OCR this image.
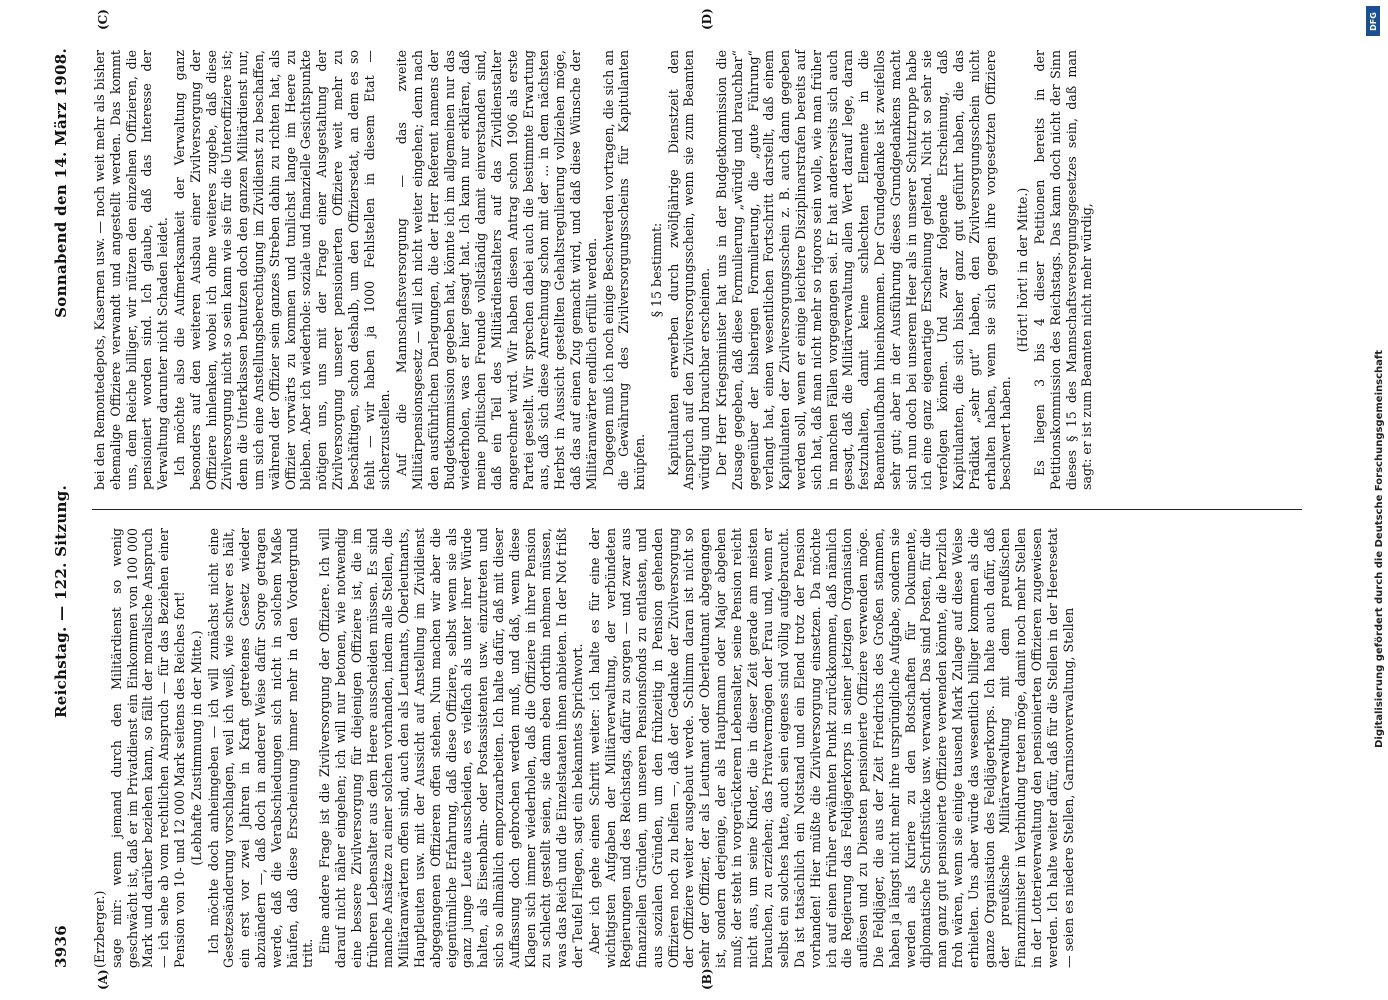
3936
Reichstag. — 122. Sitzung.
Sonnabend den 14. März 1908.
(A)	(B)
(C)	(D)

(Erzberger.) sage mir: wenn jemand durch den Militärdienst so wenig geschwächt ist, daß er im Privatdienst ein Einkommen von 100 000 Mark und darüber beziehen kann, so fällt der moralische Anspruch — ich sehe ab vom rechtlichen Anspruch — für das Beziehen einer Pension von 10- und 12 000 Mark seitens des Reiches fort! (Lebhafte Zustimmung in der Mitte.) Ich möchte doch anheimgeben — ich will zunächst nicht eine Gesetzesänderung vorschlagen, weil ich weiß, wie schwer es hält, ein erst vor zwei Jahren in Kraft getretenes Gesetz wieder abzuändern —, daß doch in anderer Weise dafür Sorge getragen werde, daß die Verabschiedungen sich nicht in solchem Maße häufen, daß diese Erscheinung immer mehr in den Vordergrund tritt. Eine andere Frage ist die Zivilversorgung der Offiziere. Ich will darauf nicht näher eingehen; ich will nur betonen, wie notwendig eine bessere Zivilversorgung für diejenigen Offiziere ist, die im früheren Lebensalter aus dem Heere ausscheiden müssen. Es sind manche Ansätze zu einer solchen vorhanden, indem alle Stellen, die Militäranwärtern offen sind, auch den als Leutnants, Oberleutnants, Hauptleuten usw. mit der Aussicht auf Anstellung im Zivildienst abgegangenen Offizieren offen stehen. Nun machen wir aber die eigentümliche Erfahrung, daß diese Offiziere, selbst wenn sie als ganz junge Leute ausscheiden, es vielfach als unter ihrer Würde halten, als Eisenbahn- oder Postassistenten usw. einzutreten und sich so allmählich emporzuarbeiten. Ich halte dafür, daß mit dieser Auffassung doch gebrochen werden muß, und daß, wenn diese Klagen sich immer wiederholen, daß die Offiziere in ihrer Pension zu schlecht gestellt seien, sie dann eben dorthin nehmen müssen, was das Reich und die Einzelstaaten ihnen anbieten. In der Not frißt der Teufel Fliegen, sagt ein bekanntes Sprichwort. Aber ich gehe einen Schritt weiter: ich halte es für eine der wichtigsten Aufgaben der Militärverwaltung, der verbündeten Regierungen und des Reichstags, dafür zu sorgen — und zwar aus finanziellen Gründen, um unseren Pensionsfonds zu entlasten, und aus sozialen Gründen, um den frühzeitig in Pension gehenden Offizieren noch zu helfen —, daß der Gedanke der Zivilversorgung der Offiziere weiter ausgebaut werde. Schlimm daran ist nicht so sehr der Offizier, der als Leutnant oder Oberleutnant abgegangen ist, sondern derjenige, der als Hauptmann oder Major abgehen muß; der steht in vorgerückterem Lebensalter, seine Pension reicht nicht aus, um seine Kinder, die in dieser Zeit gerade am meisten brauchen, zu erziehen; das Privatvermögen der Frau und, wenn er selbst ein solches hatte, auch sein eigenes sind völlig aufgebraucht. Da ist tatsächlich ein Notstand und ein Elend trotz der Pension vorhanden! Hier müßte die Zivilversorgung einsetzen. Da möchte ich auf einen früher erwähnten Punkt zurückkommen, daß nämlich die Regierung das Feldjägerkorps in seiner jetzigen Organisation auflösen und zu Diensten pensionierte Offiziere verwenden möge. Die Feldjäger, die aus der Zeit Friedrichs des Großen stammen, haben ja längst nicht mehr ihre ursprüngliche Aufgabe, sondern sie werden als Kuriere zu den Botschaften für Dokumente, diplomatische Schriftstücke usw. verwandt. Das sind Posten, für die man ganz gut pensionierte Offiziere verwenden könnte, die herzlich froh wären, wenn sie einige tausend Mark Zulage auf diese Weise erhielten. Uns aber würde das wesentlich billiger kommen als die ganze Organisation des Feldjägerkorps. Ich halte auch dafür, daß der preußische Militärverwaltung mit dem preußischen Finanzminister in Verbindung treten möge, damit noch mehr Stellen in der Lotterieverwaltung den pensionierten Offizieren zugewiesen werden. Ich halte weiter dafür, daß für die Stellen in der Heeresetat — seien es niedere Stellen, Garnisonverwaltung, Stellen

bei den Remontedepots, Kasernen usw. — noch weit mehr als bisher ehemalige Offiziere verwandt und angestellt werden. Das kommt uns, dem Reiche billiger, wir nützen den einzelnen Offizieren, die pensioniert worden sind. Ich glaube, daß das Interesse der Verwaltung darunter nicht Schaden leidet. Ich möchte also die Aufmerksamkeit der Verwaltung ganz besonders auf den weiteren Ausbau einer Zivilversorgung der Offiziere hinlenken, wobei ich ohne weiteres zugebe, daß diese Zivilversorgung nicht so sein kann wie sie für die Unteroffiziere ist; denn die Unterklassen benutzen doch den ganzen Militärdienst nur, um sich eine Anstellungsberechtigung im Zivildienst zu beschaffen, während der Offizier sein ganzes Streben dahin zu richten hat, als Offizier vorwärts zu kommen und tunlichst lange im Heere zu bleiben. Aber ich wiederhole: soziale und finanzielle Gesichtspunkte nötigen uns, uns mit der Frage einer Ausgestaltung der Zivilversorgung unserer pensionierten Offiziere weit mehr zu beschäftigen, schon deshalb, um den Offiziersetat, an dem es so fehlt — wir haben ja 1000 Fehlstellen in diesem Etat — sicherzustellen. Auf die Mannschaftsversorgung — das zweite Militärpensionsgesetz — will ich nicht weiter eingehen; denn nach den ausführlichen Darlegungen, die der Herr Referent namens der Budgetkommission gegeben hat, könnte ich im allgemeinen nur das wiederholen, was er hier gesagt hat. Ich kann nur erklären, daß meine politischen Freunde vollständig damit einverstanden sind, daß ein Teil des Militärdienstalters auf das Zivildienstalter angerechnet wird. Wir haben diesen Antrag schon 1906 als erste Partei gestellt. Wir sprechen dabei auch die bestimmte Erwartung aus, daß sich diese Anrechnung schon mit der ... in dem nächsten Herbst in Aussicht gestellten Gehaltsregulierung vollziehen möge, daß das auf einen Zug gemacht wird, und daß diese Wünsche der Militäranwärter endlich erfüllt werden. Dagegen muß ich noch einige Beschwerden vortragen, die sich an die Gewährung des Zivilversorgungsscheins für Kapitulanten knüpfen.

§ 15 bestimmt: Kapitulanten erwerben durch zwölfjährige Dienstzeit den Anspruch auf den Zivilversorgungsschein, wenn sie zum Beamten würdig und brauchbar erscheinen. Der Herr Kriegsminister hat uns in der Budgetkommission die Zusage gegeben, daß diese Formulierung „würdig und brauchbar“ gegenüber der bisherigen Formulierung, die „gute Führung“ verlangt hat, einen wesentlichen Fortschritt darstellt, daß einem Kapitulanten der Zivilversorgungsschein z. B. auch dann gegeben werden soll, wenn er einige leichtere Disziplinarstrafen bereits auf sich hat, daß man nicht mehr so rigoros sein wolle, wie man früher in manchen Fällen vorgegangen sei. Er hat andererseits sich auch gesagt, daß die Militärverwaltung allen Wert darauf lege, daran festzuhalten, damit keine schlechten Elemente in die Beamtenlaufbahn hineinkommen. Der Grundgedanke ist zweifellos sehr gut; aber in der Ausführung dieses Grundgedankens macht sich nun doch bei unserem Heer als in unserer Schutztruppe habe ich eine ganz eigenartige Erscheinung geltend. Nicht so sehr sie verfolgen können. Und zwar folgende Erscheinung, daß Kapitulanten, die sich bisher ganz gut geführt haben, die das Prädikat „sehr gut“ haben, den Zivilversorgungsschein nicht erhalten haben, wenn sie sich gegen ihre vorgesetzten Offiziere beschwert haben.

(Hört! hört! in der Mitte.) Es liegen 3 bis 4 dieser Petitionen bereits in der Petitionskommission des Reichstags. Das kann doch nicht der Sinn dieses § 15 des Mannschaftsversorgungsgesetzes sein, daß man sagt: er ist zum Beamten nicht mehr würdig,

DFG
Digitalisierung gefördert durch die Deutsche Forschungsgemeinschaft
